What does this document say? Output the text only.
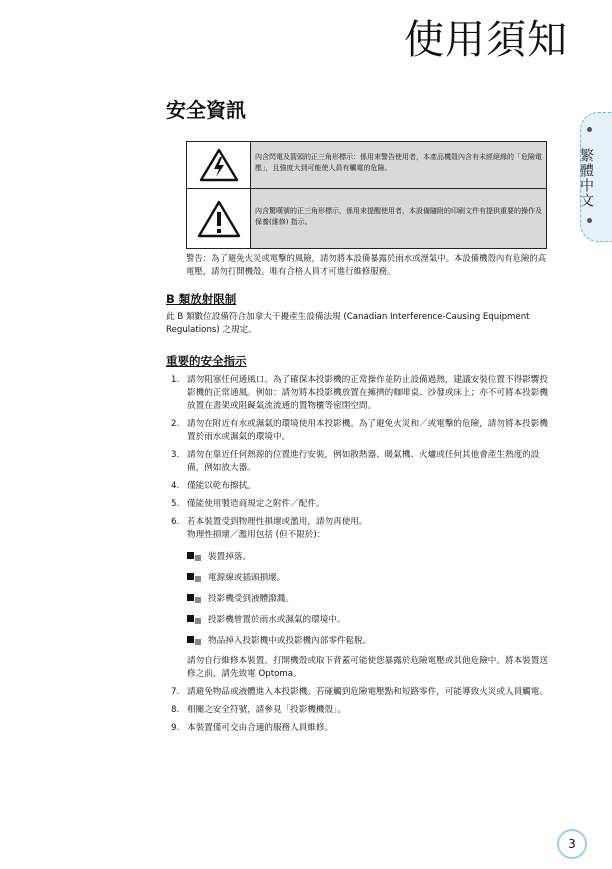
使用須知
繁體中文
安全資訊
內含閃電及箭頭的正三角形標示：係用來警告使用者，本產品機殼內含有未經絕緣的「危險電壓」，且強度大到可能使人員有觸電的危險。
內含驚嘆號的正三角形標示，係用來提醒使用者，本設備隨附的印刷文件有提供重要的操作及保養(維修) 指示。
警告：為了避免火災或電擊的風險，請勿將本設備暴露於雨水或溼氣中。本設備機殼內有危險的高電壓，請勿打開機殼。唯有合格人員才可進行維修服務。
B 類放射限制
此 B 類數位設備符合加拿大干擾產生設備法規 (Canadian Interference-Causing Equipment Regulations) 之規定。
重要的安全指示
1. 請勿阻塞任何通風口。為了確保本投影機的正常操作並防止設備過熱，建議安裝位置不得影響投影機的正常通風。例如：請勿將本投影機放置在擁擠的咖啡桌、沙發或床上；亦不可將本投影機放置在書架或阻礙氣流流通的置物櫃等密閉空間。
2. 請勿在附近有水或濕氣的環境使用本投影機。為了避免火災和／或電擊的危險，請勿將本投影機置於雨水或濕氣的環境中。
3. 請勿在靠近任何熱源的位置進行安裝，例如散熱器、暖氣機、火爐或任何其他會產生熱度的設備，例如放大器。
4. 僅能以乾布擦拭。
5. 僅能使用製造商規定之附件／配件。
6. 若本裝置受到物理性損壞或濫用，請勿再使用。
物理性損壞／濫用包括 (但不限於)：
裝置掉落。
電源線或插頭損壞。
投影機受到液體潑濺。
投影機曾置於雨水或濕氣的環境中。
物品掉入投影機中或投影機內部零件鬆脫。
請勿自行維修本裝置。打開機殼或取下背蓋可能使您暴露於危險電壓或其他危險中。將本裝置送修之前，請先致電 Optoma。
7. 請避免物品或液體進入本投影機。若碰觸到危險電壓點和短路零件，可能導致火災或人員觸電。
8. 相關之安全符號，請參見「投影機機殼」。
9. 本裝置僅可交由合適的服務人員維修。
3
